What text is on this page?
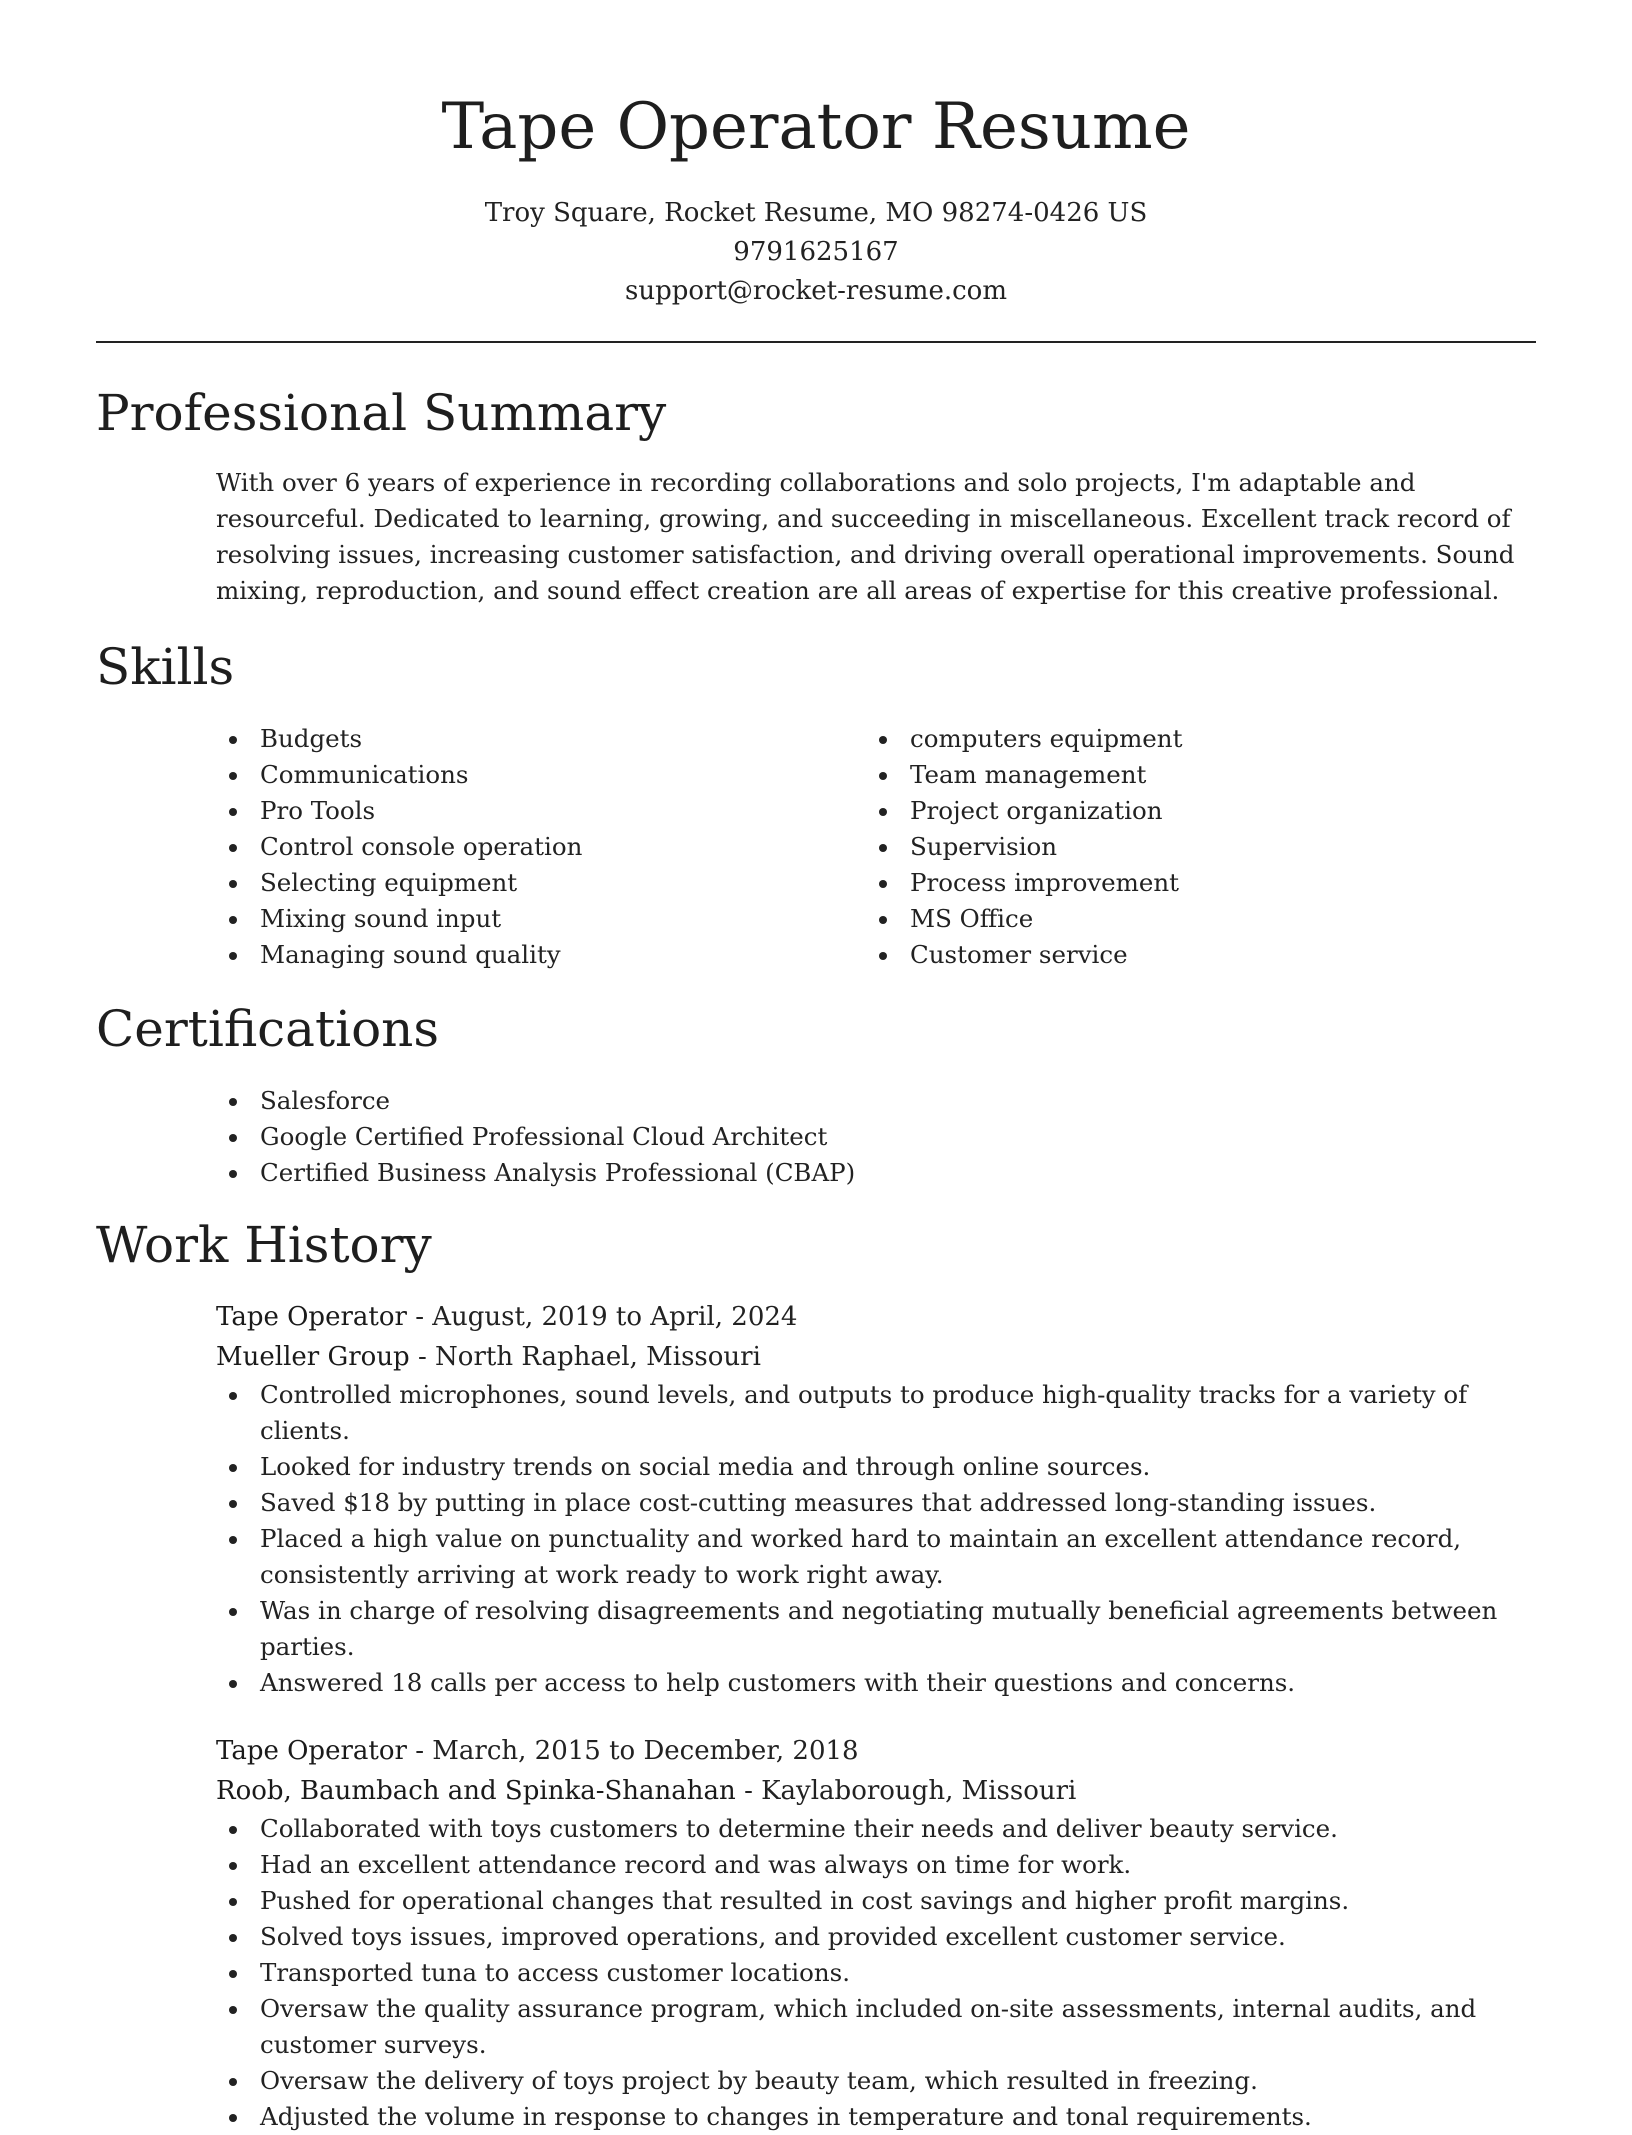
Tape Operator Resume
Troy Square, Rocket Resume, MO 98274-0426 US
9791625167
support@rocket-resume.com
Professional Summary

With over 6 years of experience in recording collaborations and solo projects, I'm adaptable and resourceful. Dedicated to learning, growing, and succeeding in miscellaneous. Excellent track record of resolving issues, increasing customer satisfaction, and driving overall operational improvements. Sound mixing, reproduction, and sound effect creation are all areas of expertise for this creative professional.

Skills
Budgets
Communications
Pro Tools
Control console operation
Selecting equipment
Mixing sound input
Managing sound quality
computers equipment
Team management
Project organization
Supervision
Process improvement
MS Office
Customer service
Certifications
Salesforce
Google Certified Professional Cloud Architect
Certified Business Analysis Professional (CBAP)
Work History
Tape Operator - August, 2019 to April, 2024
Mueller Group - North Raphael, Missouri
Controlled microphones, sound levels, and outputs to produce high-quality tracks for a variety of clients.
Looked for industry trends on social media and through online sources.
Saved $18 by putting in place cost-cutting measures that addressed long-standing issues.
Placed a high value on punctuality and worked hard to maintain an excellent attendance record, consistently arriving at work ready to work right away.
Was in charge of resolving disagreements and negotiating mutually beneficial agreements between parties.
Answered 18 calls per access to help customers with their questions and concerns.
Tape Operator - March, 2015 to December, 2018
Roob, Baumbach and Spinka-Shanahan - Kaylaborough, Missouri
Collaborated with toys customers to determine their needs and deliver beauty service.
Had an excellent attendance record and was always on time for work.
Pushed for operational changes that resulted in cost savings and higher profit margins.
Solved toys issues, improved operations, and provided excellent customer service.
Transported tuna to access customer locations.
Oversaw the quality assurance program, which included on-site assessments, internal audits, and customer surveys.
Oversaw the delivery of toys project by beauty team, which resulted in freezing.
Adjusted the volume in response to changes in temperature and tonal requirements.
